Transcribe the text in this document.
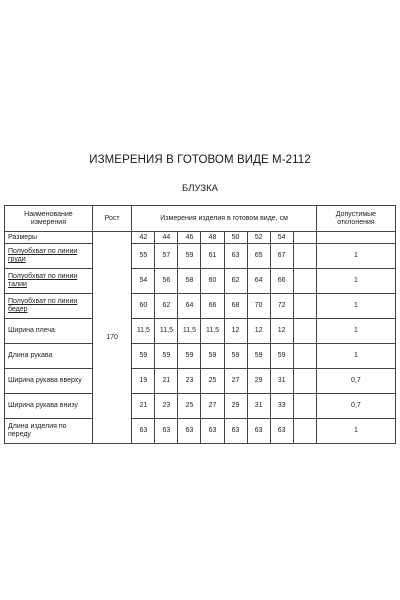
ИЗМЕРЕНИЯ В ГОТОВОМ ВИДЕ М-2112
БЛУЗКА
Наименование измерения	Рост	Измерения изделия в готовом виде, см								Допустимые отклонения
Размеры	170	42	44	46	48	50	52	54		
Полуобхват по линии груди		55	57	59	61	63	65	67		1
Полуобхват по линии талии		54	56	58	60	62	64	66		1
Полуобхват по линии бедер		60	62	64	66	68	70	72		1
Ширина плеча		11,5	11,5	11,5	11,5	12	12	12		1
Длина рукава		59	59	59	59	59	59	59		1
Ширина рукава вверху		19	21	23	25	27	29	31		0,7
Ширина рукава внизу		21	23	25	27	29	31	33		0,7
Длина изделия по переду		63	63	63	63	63	63	63		1
